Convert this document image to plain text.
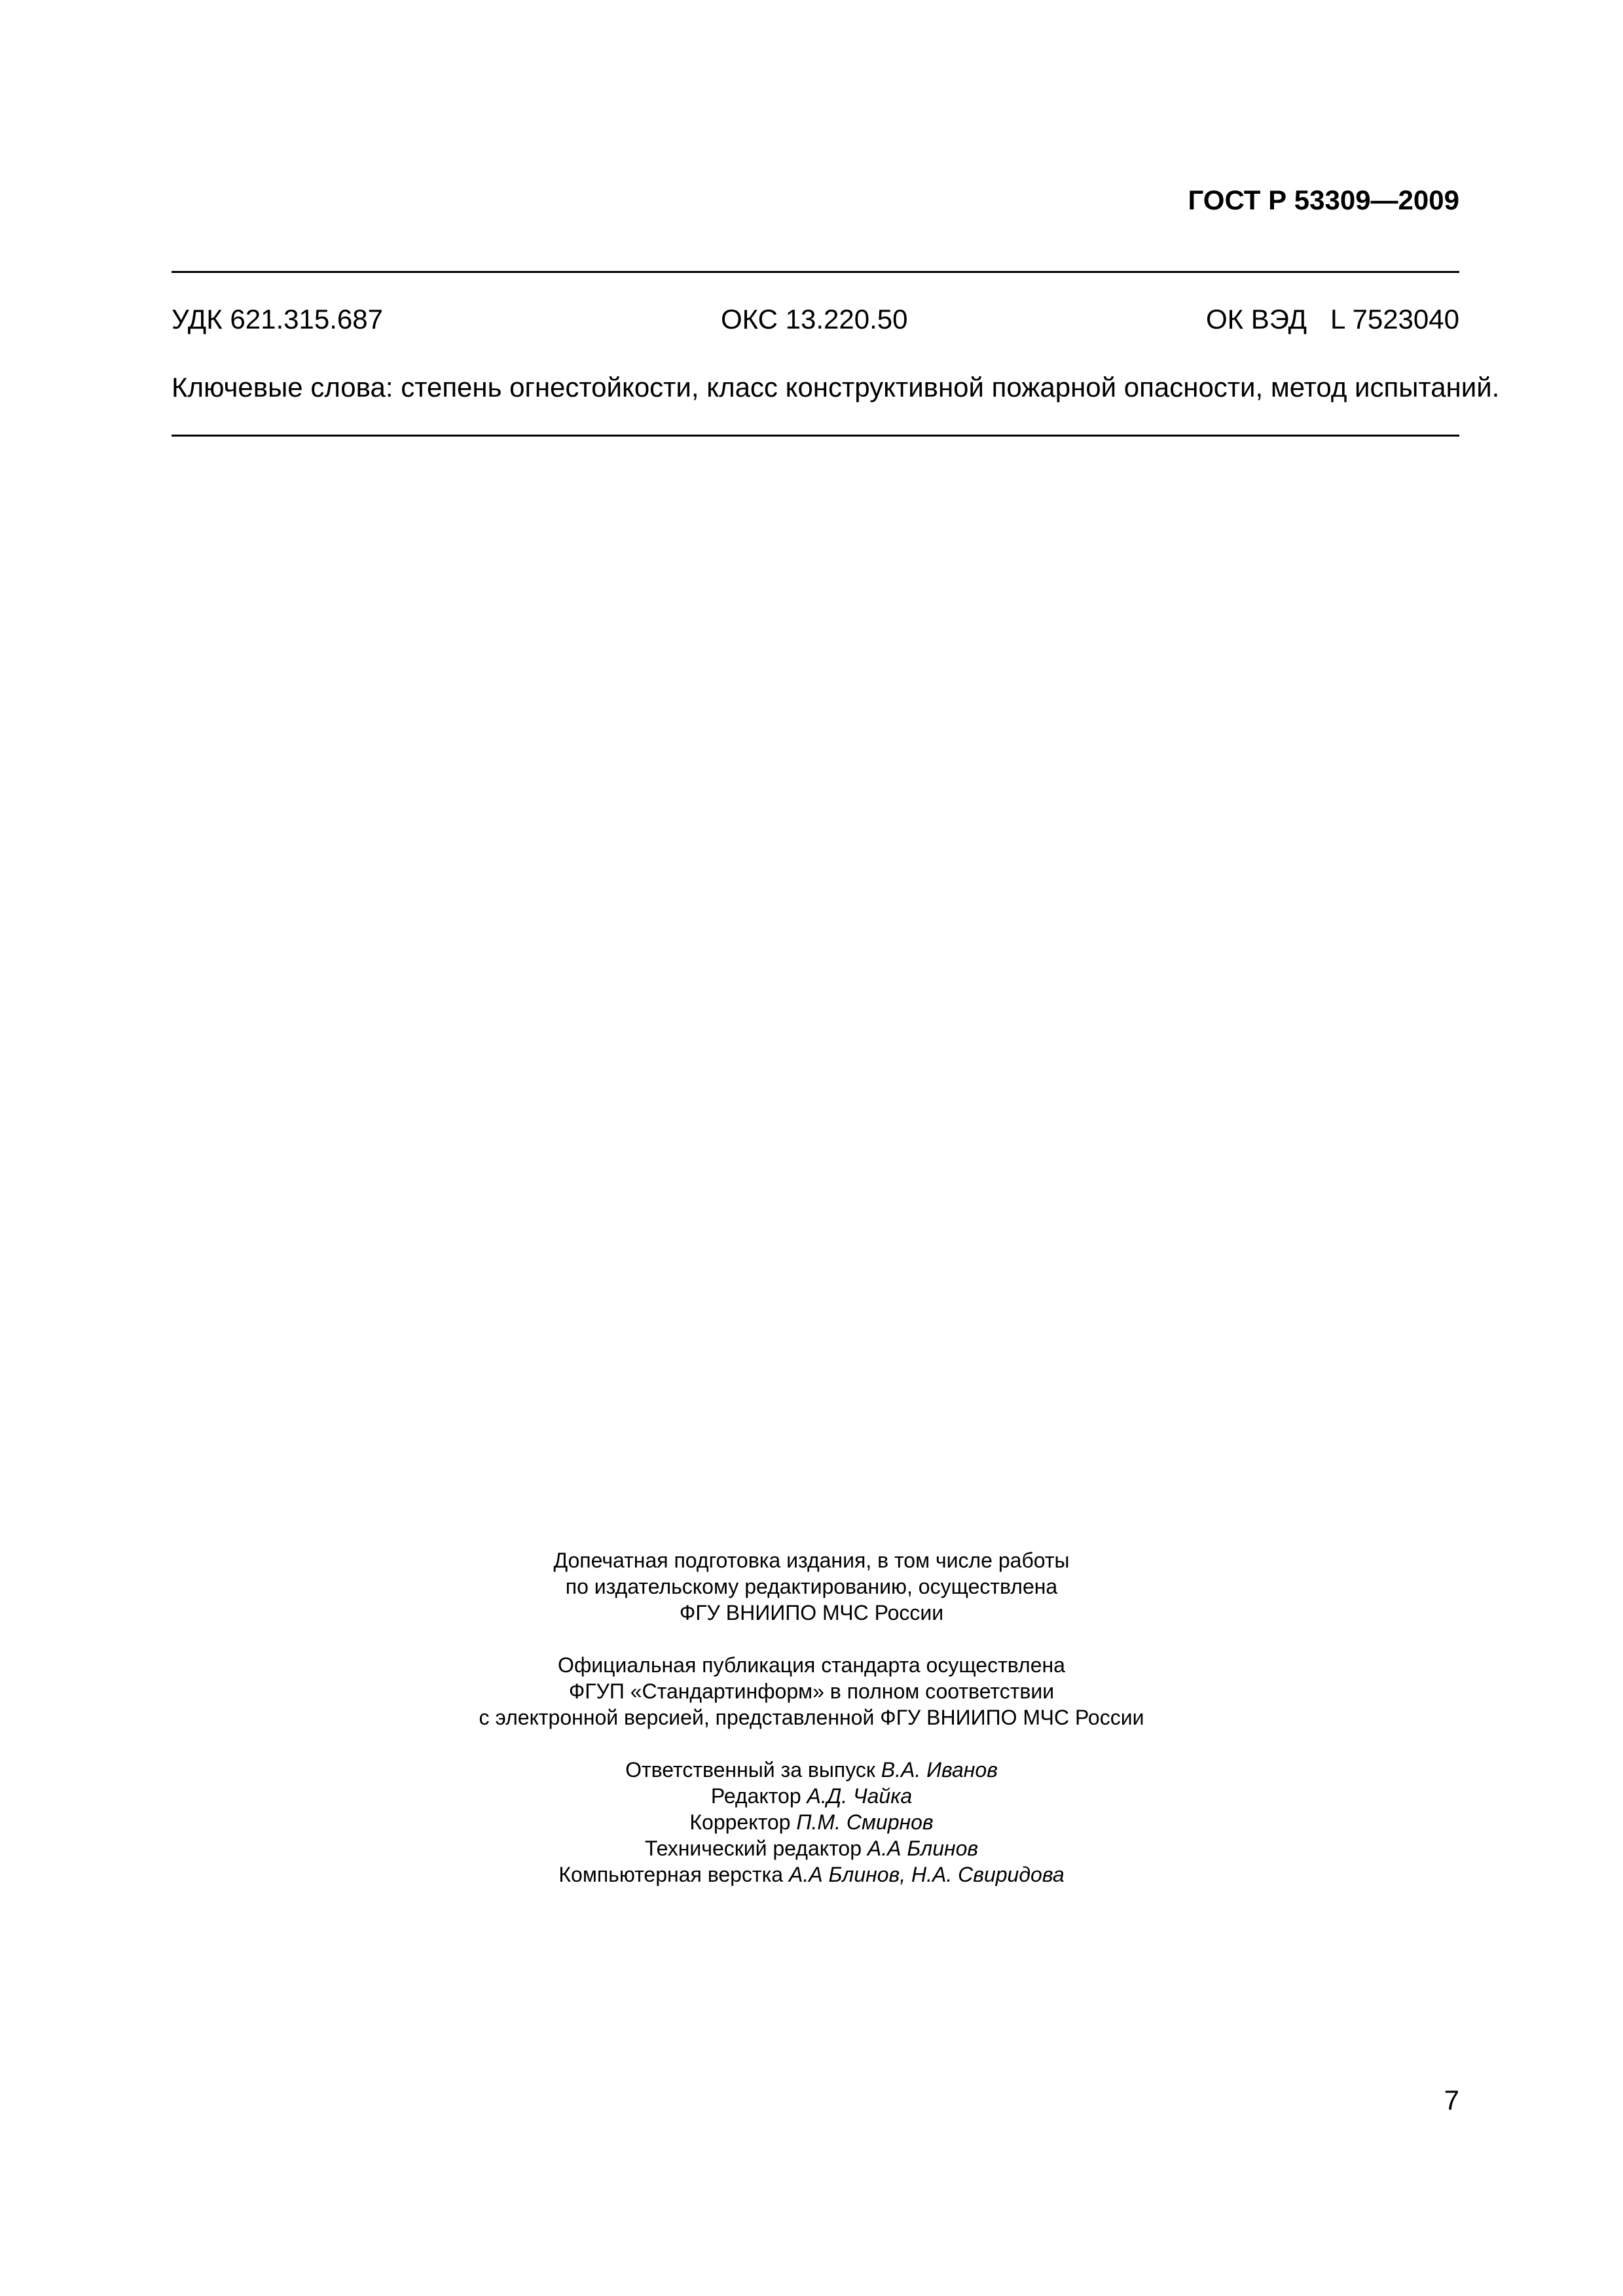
ГОСТ Р 53309—2009
УДК 621.315.687	ОКС 13.220.50	ОК ВЭД L 7523040
Ключевые слова: степень огнестойкости, класс конструктивной пожарной опасности, метод испытаний.
Допечатная подготовка издания, в том числе работы
по издательскому редактированию, осуществлена
ФГУ ВНИИПО МЧС России
Официальная публикация стандарта осуществлена
ФГУП «Стандартинформ» в полном соответствии
с электронной версией, представленной ФГУ ВНИИПО МЧС России
Ответственный за выпуск В.А. Иванов
Редактор А.Д. Чайка
Корректор П.М. Смирнов
Технический редактор А.А Блинов
Компьютерная верстка А.А Блинов, Н.А. Свиридова
7
